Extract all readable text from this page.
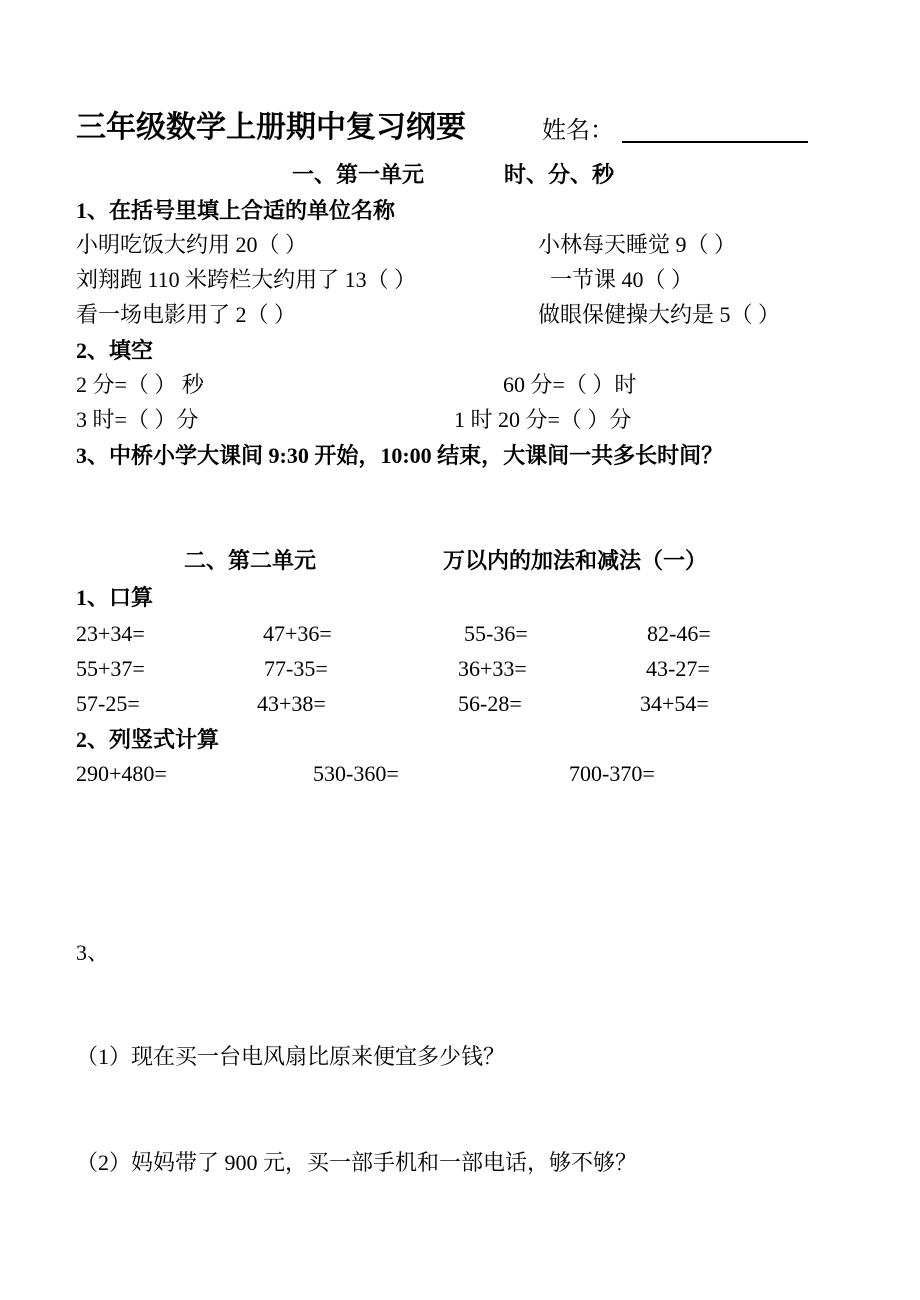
三年级数学上册期中复习纲要	姓名：
一、第一单元	时、分、秒
1、在括号里填上合适的单位名称
小明吃饭大约用 20（ ）	小林每天睡觉 9（ ）
刘翔跑 110 米跨栏大约用了 13（ ）	一节课 40（ ）
看一场电影用了 2（ ）	做眼保健操大约是 5（ ）
2、填空
2 分=（ ） 秒	60 分=（ ）时
3 时=（ ）分	1 时 20 分=（ ）分
3、中桥小学大课间 9:30 开始，10:00 结束，大课间一共多长时间？
二、第二单元	万以内的加法和减法（一）
1、口算
23+34=	47+36=	55-36=	82-46=
55+37=	77-35=	36+33=	43-27=
57-25=	43+38=	56-28=	34+54=
2、列竖式计算
290+480=	530-360=	700-370=
3、
（1）现在买一台电风扇比原来便宜多少钱？
（2）妈妈带了 900 元，买一部手机和一部电话，够不够？
